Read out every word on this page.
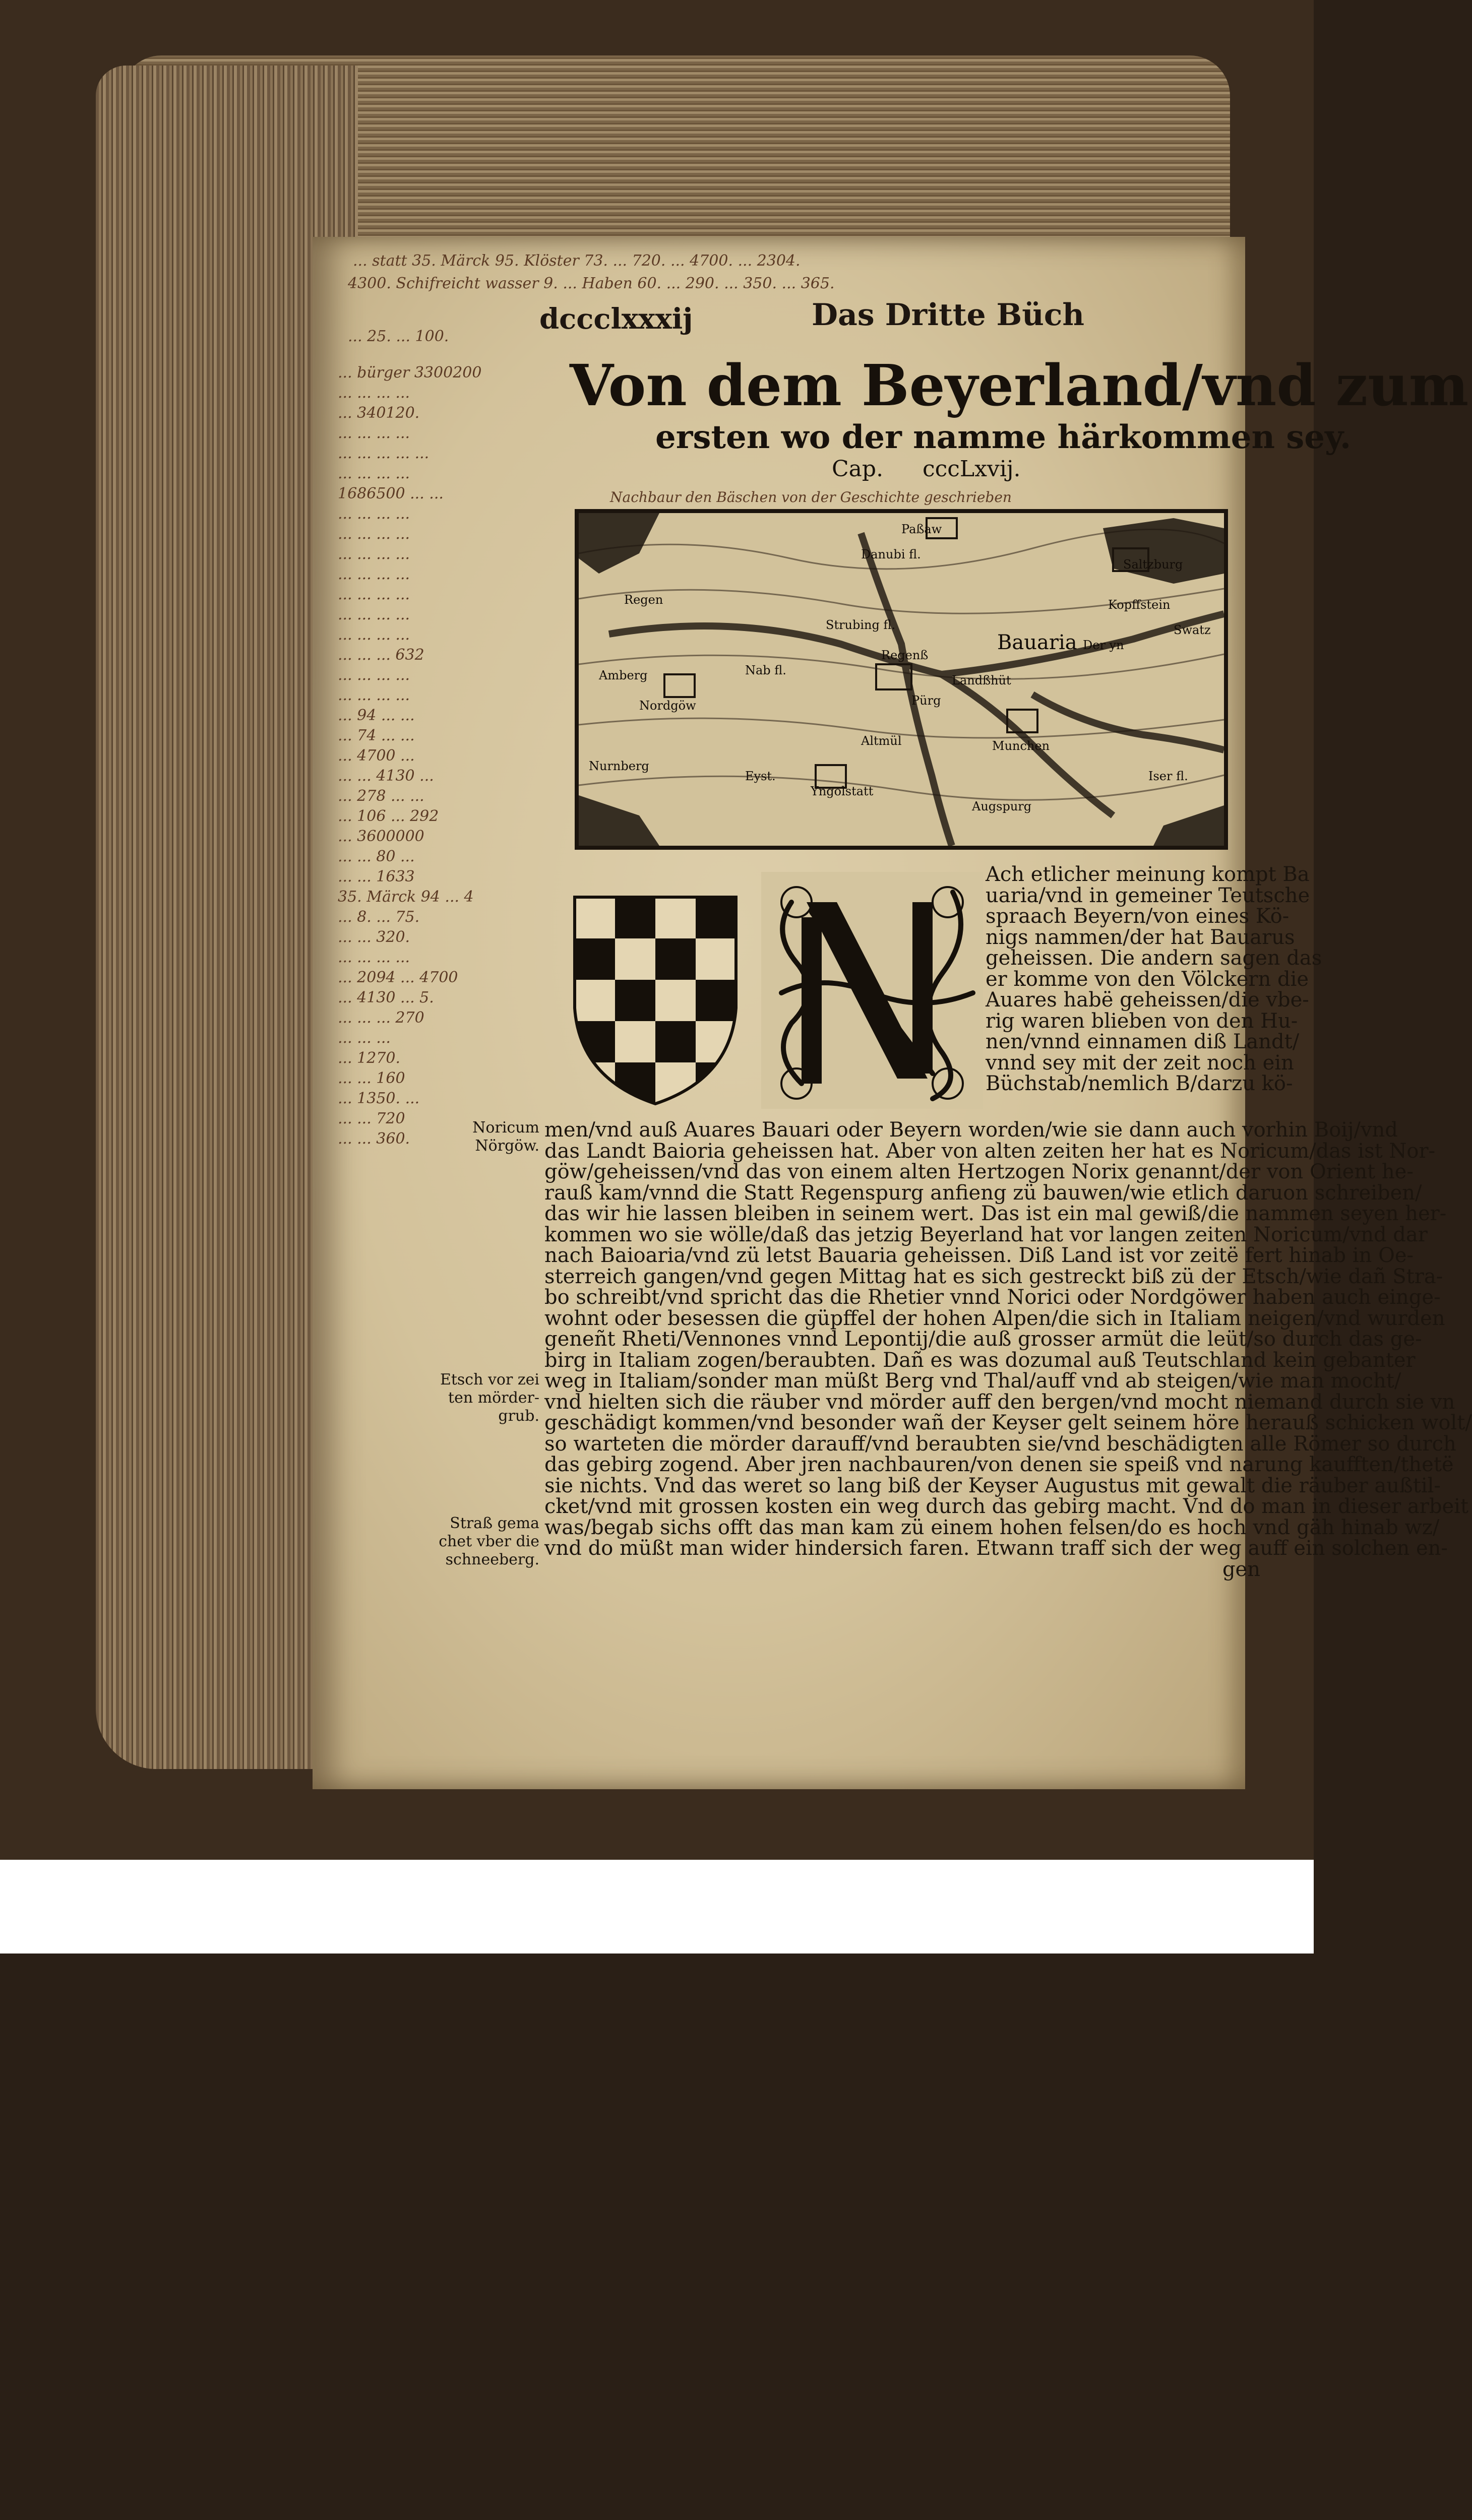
... statt 35. Märck 95. Klöster 73. ... 720. ... 4700. ... 2304.
4300. Schifreicht wasser 9. ... Haben 60. ... 290. ... 350. ... 365.
... 25. ... 100.
... bürger 3300200
... ... ... ...
... 340120.
... ... ... ...
... ... ... ... ...
... ... ... ...
1686500 ... ...
... ... ... ...
... ... ... ...
... ... ... ...
... ... ... ...
... ... ... ...
... ... ... ...
... ... ... ...
... ... ... 632
... ... ... ...
... ... ... ...
... 94 ... ...
... 74 ... ...
... 4700 ...
... ... 4130 ...
... 278 ... ...
... 106 ... 292
... 3600000
... ... 80 ...
... ... 1633
35. Märck 94 ... 4
... 8. ... 75.
... ... 320.
... ... ... ...
... 2094 ... 4700
... 4130 ... 5.
... ... ... 270
... ... ...
... 1270.
... ... 160
... 1350. ...
... ... 720
... ... 360.
dccclxxxij	Das Dritte Büch
Von dem Beyerland/vnd zum
ersten wo der namme härkommen sey.
Cap. cccLxvij.
Nachbaur den Bäschen von der Geschichte geschrieben
Paßaw
Danubi fl.
Saltzburg
Regen	Kopffstein
Strubing fl.
Bauaria Der yn
Swatz
Nab fl.
Regenß
Amberg	Landßhüt
Nordgöw	Pürg
Nurnberg
Altmül	Munchen
Eyst.
Yngolstatt
Iser fl.
Augspurg
Ach etlicher meinung kompt Ba
uaria/vnd in gemeiner Teutsche
spraach Beyern/von eines Kö-
nigs nammen/der hat Bauarus
geheissen. Die andern sagen das
er komme von den Völckern die
Auares habë geheissen/die vbe-
rig waren blieben von den Hu-
nen/vnnd einnamen diß Landt/
vnnd sey mit der zeit noch ein
Büchstab/nemlich B/darzu kö-
men/vnd auß Auares Bauari oder Beyern worden/wie sie dann auch vorhin Boij/vnd
das Landt Baioria geheissen hat. Aber von alten zeiten her hat es Noricum/das ist Nor-
göw/geheissen/vnd das von einem alten Hertzogen Norix genannt/der von Orient he-
rauß kam/vnnd die Statt Regenspurg anfieng zü bauwen/wie etlich daruon schreiben/
das wir hie lassen bleiben in seinem wert. Das ist ein mal gewiß/die nammen seyen her-
kommen wo sie wölle/daß das jetzig Beyerland hat vor langen zeiten Noricum/vnd dar
nach Baioaria/vnd zü letst Bauaria geheissen. Diß Land ist vor zeitë fert hinab in Oe-
sterreich gangen/vnd gegen Mittag hat es sich gestreckt biß zü der Etsch/wie dañ Stra-
bo schreibt/vnd spricht das die Rhetier vnnd Norici oder Nordgöwer haben auch einge-
wohnt oder besessen die güpffel der hohen Alpen/die sich in Italiam neigen/vnd wurden
geneñt Rheti/Vennones vnnd Lepontij/die auß grosser armüt die leüt/so durch das ge-
birg in Italiam zogen/beraubten. Dañ es was dozumal auß Teutschland kein gebanter
weg in Italiam/sonder man müßt Berg vnd Thal/auff vnd ab steigen/wie man mocht/
vnd hielten sich die räuber vnd mörder auff den bergen/vnd mocht niemand durch sie vn
geschädigt kommen/vnd besonder wañ der Keyser gelt seinem höre herauß schicken wolt/
so warteten die mörder darauff/vnd beraubten sie/vnd beschädigten alle Römer so durch
das gebirg zogend. Aber jren nachbauren/von denen sie speiß vnd narung kaufften/thetë
sie nichts. Vnd das weret so lang biß der Keyser Augustus mit gewalt die räuber außtil-
cket/vnd mit grossen kosten ein weg durch das gebirg macht. Vnd do man in dieser arbeit
was/begab sichs offt das man kam zü einem hohen felsen/do es hoch vnd gäh hinab wz/
vnd do müßt man wider hindersich faren. Etwann traff sich der weg auff ein solchen en-
gen
Noricum
Nörgöw.
Etsch vor zei
ten mörder-
grub.
Straß gema
chet vber die
schneeberg.
